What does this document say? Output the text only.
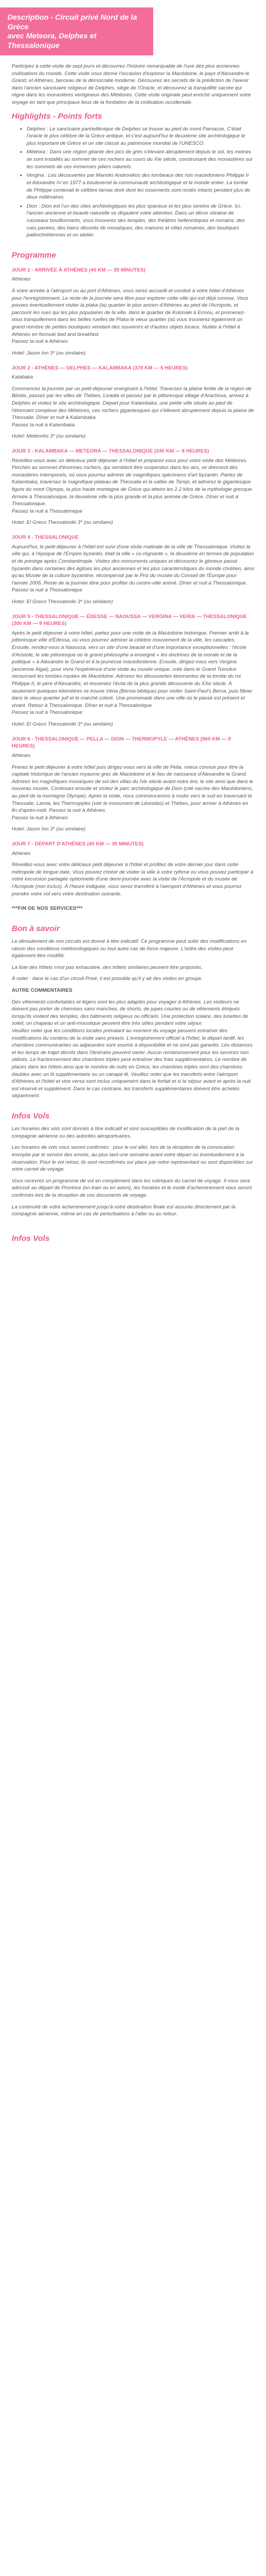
Description - Circuit privé Nord de la Grèce
avec Meteora, Delphes et Thessalonique

Participez à cette visite de sept jours et découvrez l'histoire remarquable de l'une des plus anciennes civilisations du monde. Cette visite vous donne l'occasion d'explorer la Macédoine, le pays d'Alexandre le Grand, et Athènes, berceau de la démocratie moderne. Découvrez les secrets de la prédiction de l'avenir dans l'ancien sanctuaire religieux de Delphes, siège de l'Oracle, et découvrez la tranquillité sacrée qui règne dans les monastères vertigineux des Météores. Cette visite originale peut enrichir uniquement votre voyage en tant que principaux lieux de la fondation de la civilisation occidentale.

Highlights - Points forts
• Delphes : Le sanctuaire panhellénique de Delphes se trouve au pied du mont Parnasse. C'était l'oracle le plus célèbre de la Grèce antique, et c'est aujourd'hui le deuxième site archéologique le plus important de Grèce et un site classé au patrimoine mondial de l'UNESCO.
• Météora : Dans une région géante des pics de grès s'élevant abruptement depuis le sol, les moines se sont installés au sommet de ces rochers au cours du XIe siècle, construisant des monastères sur les sommets de ces immenses piliers naturels.
• Vergina : Les découvertes par Manolis Andronikos des tombeaux des rois macédoniens Philippe II et Alexandre IV en 1977 a bouleversé la communauté archéologique et le monde entier. La tombe de Philippe contenait le célèbre larnax doré dont les ossements sont restés intacts pendant plus de deux millénaires.
• Dion : Dion est l'un des sites archéologiques les plus spacieux et les plus sereins de Grèce. Ici, l'ancien ancienne et beauté naturelle se disputent votre attention. Dans un décor silvaine de ruisseaux bouillonnants, vous trouverez des temples, des théâtres hellénistiques et romains, des rues pavées, des bains décorés de mosaïques, des maisons et villas romaines, des boutiques paléochrétiennes et un atelier.
Programme
JOUR 1 - ARRIVÉE À ATHÈNES (40 KM — 35 MINUTES)
Athènes
À votre arrivée à l'aéroport ou au port d'Athènes, vous serez accueilli et conduit à votre hôtel d'Athènes pour l'enregistrement. Le reste de la journée sera libre pour explorer cette ville qui est déjà connue. Vous pouvez éventuellement visiter la plaka (la) quartier le plus ancien d'Athènes au pied de l'Acropole, et parcourir les rues qui les plus populaires de la ville, dans le quartier de Kolonaki à Ermou, et promenez-vous tranquillement dans les belles ruelles de Plaka le vieux quartier (où vous trouverez également un grand nombre de petites boutiques vendant des souvenirs et d'autres objets locaux. Nuitée à l'hôtel à Athènes en formule bed and breakfast.
Passez la nuit à Athènes
Hotel: Jason Inn 3* (ou similaire)
JOUR 2 - ATHÈNES — DELPHES — KALAMBAKA (378 KM — 5 HEURES)
Kalabaka
Commencez la journée par un petit-déjeuner energisant à l'hôtel. Traversez la plaine fertile de la région de Béotie, passez par les villes de Thèbes, Livadia et passez par le pittoresque village d'Arachova, arrivez à Delphes et visitez le site archéologique. Départ pour Kalambaka, une petite ville située au pied de l'étonnant complexe des Météores, ces rochers gigantesques qui s'élèvent abruptement depuis la plaine de Thessalie. Dîner et nuit à Kalambaka.
Passez la nuit à Kalambaka
Hotel: Metéoritis 3* (ou similaire)
JOUR 3 - KALAMBAKA — METEORA — THESSALONIQUE (240 KM — 8 HEURES)
Réveillez-vous avec un délicieux petit déjeuner à l'hôtel et préparez-vous pour votre visite des Météores. Perchés au sommet d'énormes rochers, qui semblent être suspendus dans les airs, se dressent des monastères intemporels, où vous pourrez admirer de magnifiques spécimens d'art byzantin. Partez de Kalambaka, traversez le magnifique plateau de Thessalie et la vallée de Tempi, et admirez le gigantesque figure du mont Olympe, la plus haute montagne de Grèce qui atteint les 2.2 kilos de la mythologie grecque. Arrivée à Thessalonique, la deuxième ville la plus grande et la plus animée de Grèce. Dîner et nuit à Thessalonique.
Passez la nuit à Thessalonique
Hotel: El Greco Thessaloniki 3* (ou similaire)
JOUR 4 - THESSALONIQUE
Aujourd'hui, le petit-déjeuner à l'hôtel est suivi d'une visite matinale de la ville de Thessalonique. Visitez la ville qui, à l'époque de l'Empire byzantin, était la ville « co-régnante », la deuxième en termes de population et de prestige après Constantinople. Visitez des monuments uniques et découvrez le glorieux passé byzantin dans certaines des églises les plus anciennes et les plus caractéristiques du monde chrétien, ainsi qu'au Musée de la culture byzantine, récompensé par le Prix du musée du Conseil de l'Europe pour l'année 2005. Reste de la journée libre pour profiter du centre-ville animé. Dîner et nuit à Thessalonique.
Passez la nuit à Thessalonique
Hotel: El Greco Thessaloniki 3* (ou similaire)
JOUR 5 - THESSALONIQUE — ÉDESSE — NAOUSSA — VERGINA — VERIA — THESSALONIQUE (300 KM — 9 HEURES)
Après le petit déjeuner à votre hôtel, partez pour une visite de la Macédoine historique. Premier arrêt à la pittoresque ville d'Édessa, où vous pourrez admirer la célèbre mouvement de la ville, les cascades. Ensuite, rendez-vous à Naoussa, vers un site d'une beauté et d'une importance exceptionnelles : l'école d'Aristote, le site pittoresque où le grand philosophe a enseigné « les doctrines de la morale et de la politique » à Alexandre le Grand et à la jeunesse macédonienne. Ensuite, dirigez-vous vers Vergina (ancienne Aigai), pour vivre l'expérience d'une visite au musée unique, créé dans le Grand Tumulus recouvrant les tombes royales de Macédoine. Admirez les découvertes étonnantes de la tombe du roi Philippe II, le père d'Alexandre, et ressentez l'éclat de la plus grande découverte du XXe siècle. À seulement quelques kilomètres se trouve Véria (Béroia biblique) pour visiter Saint-Paul's Bema, puis flâner dans le vieux quartier juif et le marché coloré. Une promenade dans une ville où le passé est présent et vivant. Retour à Thessalonique. Dîner et nuit à Thessalonique.
Passez la nuit à Thessalonique
Hotel: El Greco Thessaloniki 3* (ou similaire)
JOUR 6 - THESSALONIQUE — PELLA — DION — THERMOPYLE — ATHÈNES (560 KM — 9 HEURES)
Athènes
Prenez le petit déjeuner à votre hôtel puis dirigez-vous vers la ville de Pella, mieux connue pour être la capitale historique de l'ancien royaume grec de Macédoine et le lieu de naissance d'Alexandre le Grand. Admirez les magnifiques mosaïques de sol des villas du IVe siècle avant notre ère, le site ainsi que dans le nouveau musée. Continuez ensuite et visitez le parc archéologique de Dion (cité sacrée des Macédoniens, au pied de la montagne Olympe). Après la visite, nous commencerons à rouler vers le sud en traversant la Thessalie, Lamia, les Thermopyles (voir le monument de Léonidas) et Thèbes, pour arriver à Athènes en fin d'après-midi. Passez la nuit à Athènes.
Passez la nuit à Athènes
Hotel: Jason Inn 3* (ou similaire)
JOUR 7 - DÉPART D'ATHÈNES (40 KM — 35 MINUTES)
Athènes
Réveillez-vous avec votre délicieux petit déjeuner à l'hôtel et profitez de votre dernier jour dans cette métropole de longue date. Vous pouvez choisir de visiter la ville à votre rythme ou vous pouvez participer à notre excursion partagée optionnelle d'une demi-journée avec la visite de l'Acropole et du musée de l'Acropole (non inclus). À l'heure indiquée, vous serez transféré à l'aéroport d'Athènes et vous pourrez prendre votre vol vers votre destination suivante.
***FIN DE NOS SERVICES***
Bon à savoir

Le déroulement de nos circuits est donné à titre indicatif. Ce programme peut subir des modifications en raison des conditions météorologiques ou tout autre cas de force majeure. L'ordre des visites peut également être modifié.

La liste des hôtels n'est pas exhaustive, des hôtels similaires peuvent être proposés.

À noter : dans le cas d'un circuit Privé, il est possible qu'il y ait des visites en groupe.

AUTRE COMMENTAIRES

Des vêtements confortables et légers sont les plus adaptés pour voyager à Athènes. Les visiteurs ne doivent pas porter de chemises sans manches, de shorts, de jupes courtes ou de vêtements étriqués lorsqu'ils visitent des temples, des bâtiments religieux ou officiels. Une protection solaire, des lunettes de soleil, un chapeau et un anti-moustique peuvent être très utiles pendant votre séjour.
Veuillez noter que les conditions locales prévalant au moment du voyage peuvent entraîner des modifications du contenu de la visite sans préavis. L'enregistrement officiel à l'hôtel, le départ tardif, les chambres communicantes ou adjacentes sont soumis à disponibilité et ne sont pas garantis. Les distances et les temps de trajet décrits dans l'itinéraire peuvent varier. Aucun remboursement pour les services non utilisés. Le fractionnement des chambres triples peut entraîner des frais supplémentaires. Le nombre de places dans les hôtels ainsi que le nombre de nuits en Grèce, les chambres triples sont des chambres doubles avec un lit supplémentaire ou un canapé-lit. Veuillez noter que les transferts entre l'aéroport d'Athènes et l'hôtel et vice versa sont inclus uniquement dans le forfait et si le séjour avant et après la nuit est réservé et supplément. Dans le cas contraire, les transferts supplémentaires doivent être achetés séparément.

Infos Vols

Les horaires des vols sont donnés à titre indicatif et sont susceptibles de modification de la part de la compagnie aérienne ou des autorités aéroportuaires.

Les horaires de vols vous seront confirmés : pour le vol aller, lors de la réception de la convocation envoyée par le service des envois, au plus tard une semaine avant votre départ ou éventuellement à la réservation. Pour le vol retour, ils sont reconfirmés sur place par notre représentant ou sont disponibles sur votre carnet de voyage.

Vous recevrez un programme de vol en complément dans les rubriques du carnet de voyage. Il vous sera adressé au départ de Province (en train ou en avion), les horaires et le mode d'acheminement vous seront confirmés lors de la réception de vos documents de voyage.

La continuité de votre acheminement jusqu'à votre destination finale est assurée directement par la compagnie aérienne, même en cas de perturbations à l'aller ou au retour.

Infos Vols
